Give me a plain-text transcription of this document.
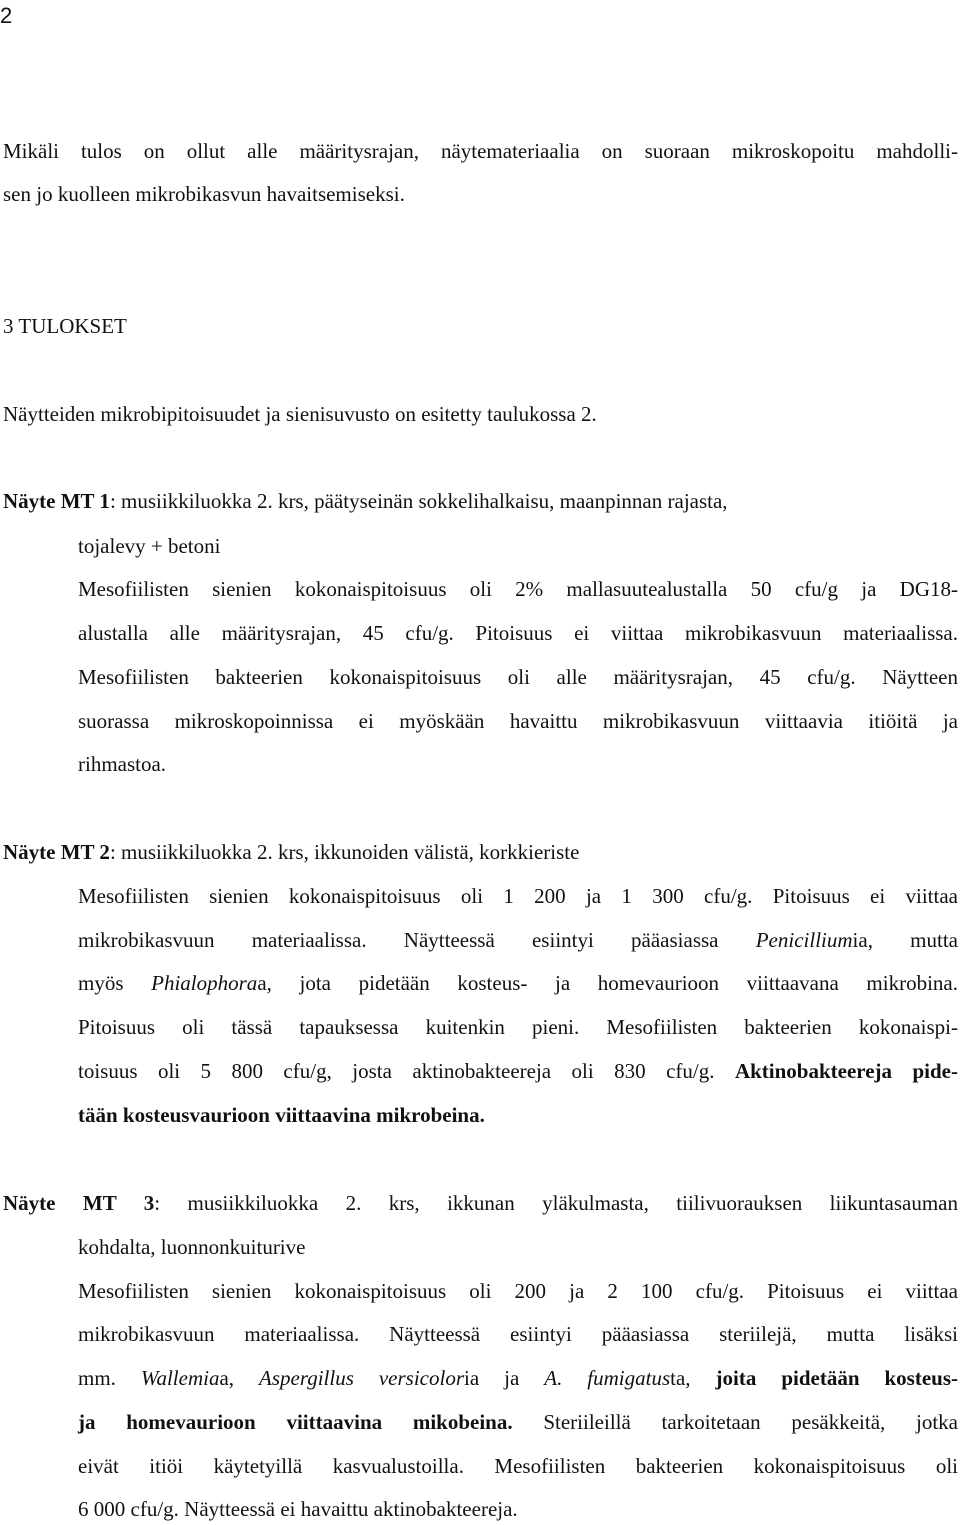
2
Mikäli tulos on ollut alle määritysrajan, näytemateriaalia on suoraan mikroskopoitu mahdolli-
sen jo kuolleen mikrobikasvun havaitsemiseksi.
3 TULOKSET
Näytteiden mikrobipitoisuudet ja sienisuvusto on esitetty taulukossa 2.
Näyte MT 1: musiikkiluokka 2. krs, päätyseinän sokkelihalkaisu, maanpinnan rajasta,
tojalevy + betoni
Mesofiilisten sienien kokonaispitoisuus oli 2% mallasuutealustalla 50 cfu/g ja DG18-
alustalla alle määritysrajan, 45 cfu/g. Pitoisuus ei viittaa mikrobikasvuun materiaalissa.
Mesofiilisten bakteerien kokonaispitoisuus oli alle määritysrajan, 45 cfu/g. Näytteen
suorassa mikroskopoinnissa ei myöskään havaittu mikrobikasvuun viittaavia itiöitä ja
rihmastoa.
Näyte MT 2: musiikkiluokka 2. krs, ikkunoiden välistä, korkkieriste
Mesofiilisten sienien kokonaispitoisuus oli 1 200 ja 1 300 cfu/g. Pitoisuus ei viittaa
mikrobikasvuun materiaalissa. Näytteessä esiintyi pääasiassa Penicilliumia, mutta
myös Phialophoraa, jota pidetään kosteus- ja homevaurioon viittaavana mikrobina.
Pitoisuus oli tässä tapauksessa kuitenkin pieni. Mesofiilisten bakteerien kokonaispi-
toisuus oli 5 800 cfu/g, josta aktinobakteereja oli 830 cfu/g. Aktinobakteereja pide-
tään kosteusvaurioon viittaavina mikrobeina.
Näyte MT 3: musiikkiluokka 2. krs, ikkunan yläkulmasta, tiilivuorauksen liikuntasauman
kohdalta, luonnonkuiturive
Mesofiilisten sienien kokonaispitoisuus oli 200 ja 2 100 cfu/g. Pitoisuus ei viittaa
mikrobikasvuun materiaalissa. Näytteessä esiintyi pääasiassa steriilejä, mutta lisäksi
mm. Wallemiaa, Aspergillus versicoloria ja A. fumigatusta, joita pidetään kosteus-
ja homevaurioon viittaavina mikobeina. Steriileillä tarkoitetaan pesäkkeitä, jotka
eivät itiöi käytetyillä kasvualustoilla. Mesofiilisten bakteerien kokonaispitoisuus oli
6 000 cfu/g. Näytteessä ei havaittu aktinobakteereja.
